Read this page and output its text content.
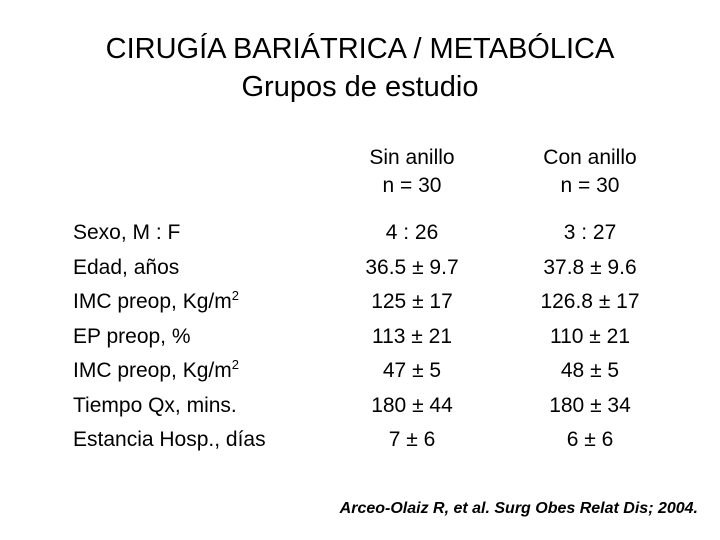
CIRUGÍA BARIÁTRICA / METABÓLICA
Grupos de estudio
Sin anillo
n = 30
Con anillo
n = 30
Sexo, M : F
Edad, años
IMC preop, $Kg/m^2$
EP preop, %
IMC preop, $Kg/m^2$
Tiempo Qx, mins.
Estancia Hosp., días
4 : 26
36.5 ± 9.7
125 ± 17
113 ± 21
47 ± 5
180 ± 44
7 ± 6
3 : 27
37.8 ± 9.6
126.8 ± 17
110 ± 21
48 ± 5
180 ± 34
6 ± 6
Arceo-Olaiz R, et al. Surg Obes Relat Dis; 2004.
